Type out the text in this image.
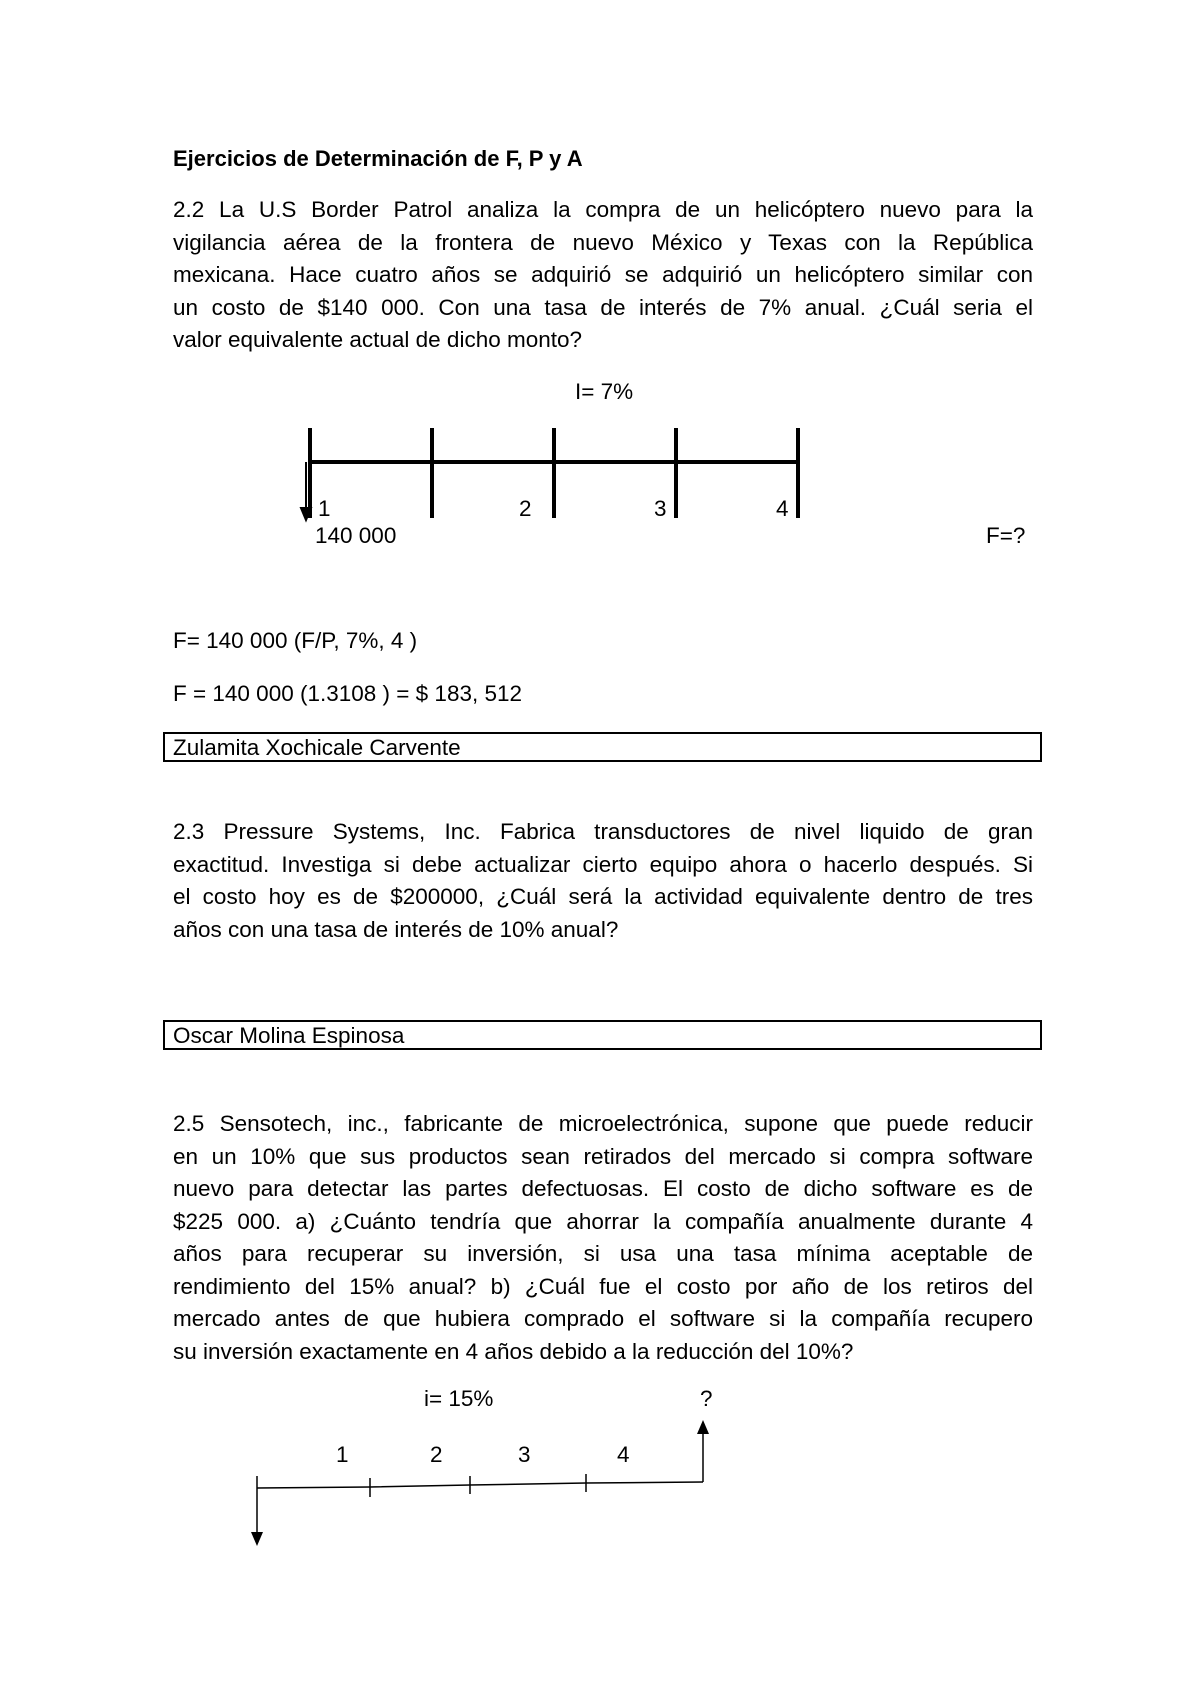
Ejercicios de Determinación de F, P y A
2.2 La U.S Border Patrol analiza la compra de un helicóptero nuevo para la
vigilancia aérea de la frontera de nuevo México y Texas con la República
mexicana. Hace cuatro años se adquirió se adquirió un helicóptero similar con
un costo de $140 000. Con una tasa de interés de 7% anual. ¿Cuál seria el
valor equivalente actual de dicho monto?
I= 7%
1	2	3	4
140 000	F=?
F= 140 000 (F/P, 7%, 4 )
F = 140 000 (1.3108 ) = $ 183, 512
Zulamita Xochicale Carvente
2.3 Pressure Systems, Inc. Fabrica transductores de nivel liquido de gran
exactitud. Investiga si debe actualizar cierto equipo ahora o hacerlo después. Si
el costo hoy es de $200000, ¿Cuál será la actividad equivalente dentro de tres
años con una tasa de interés de 10% anual?
Oscar Molina Espinosa
2.5 Sensotech, inc., fabricante de microelectrónica, supone que puede reducir
en un 10% que sus productos sean retirados del mercado si compra software
nuevo para detectar las partes defectuosas. El costo de dicho software es de
$225 000. a) ¿Cuánto tendría que ahorrar la compañía anualmente durante 4
años para recuperar su inversión, si usa una tasa mínima aceptable de
rendimiento del 15% anual? b) ¿Cuál fue el costo por año de los retiros del
mercado antes de que hubiera comprado el software si la compañía recupero
su inversión exactamente en 4 años debido a la reducción del 10%?
i= 15%	?
1	2	3	4
